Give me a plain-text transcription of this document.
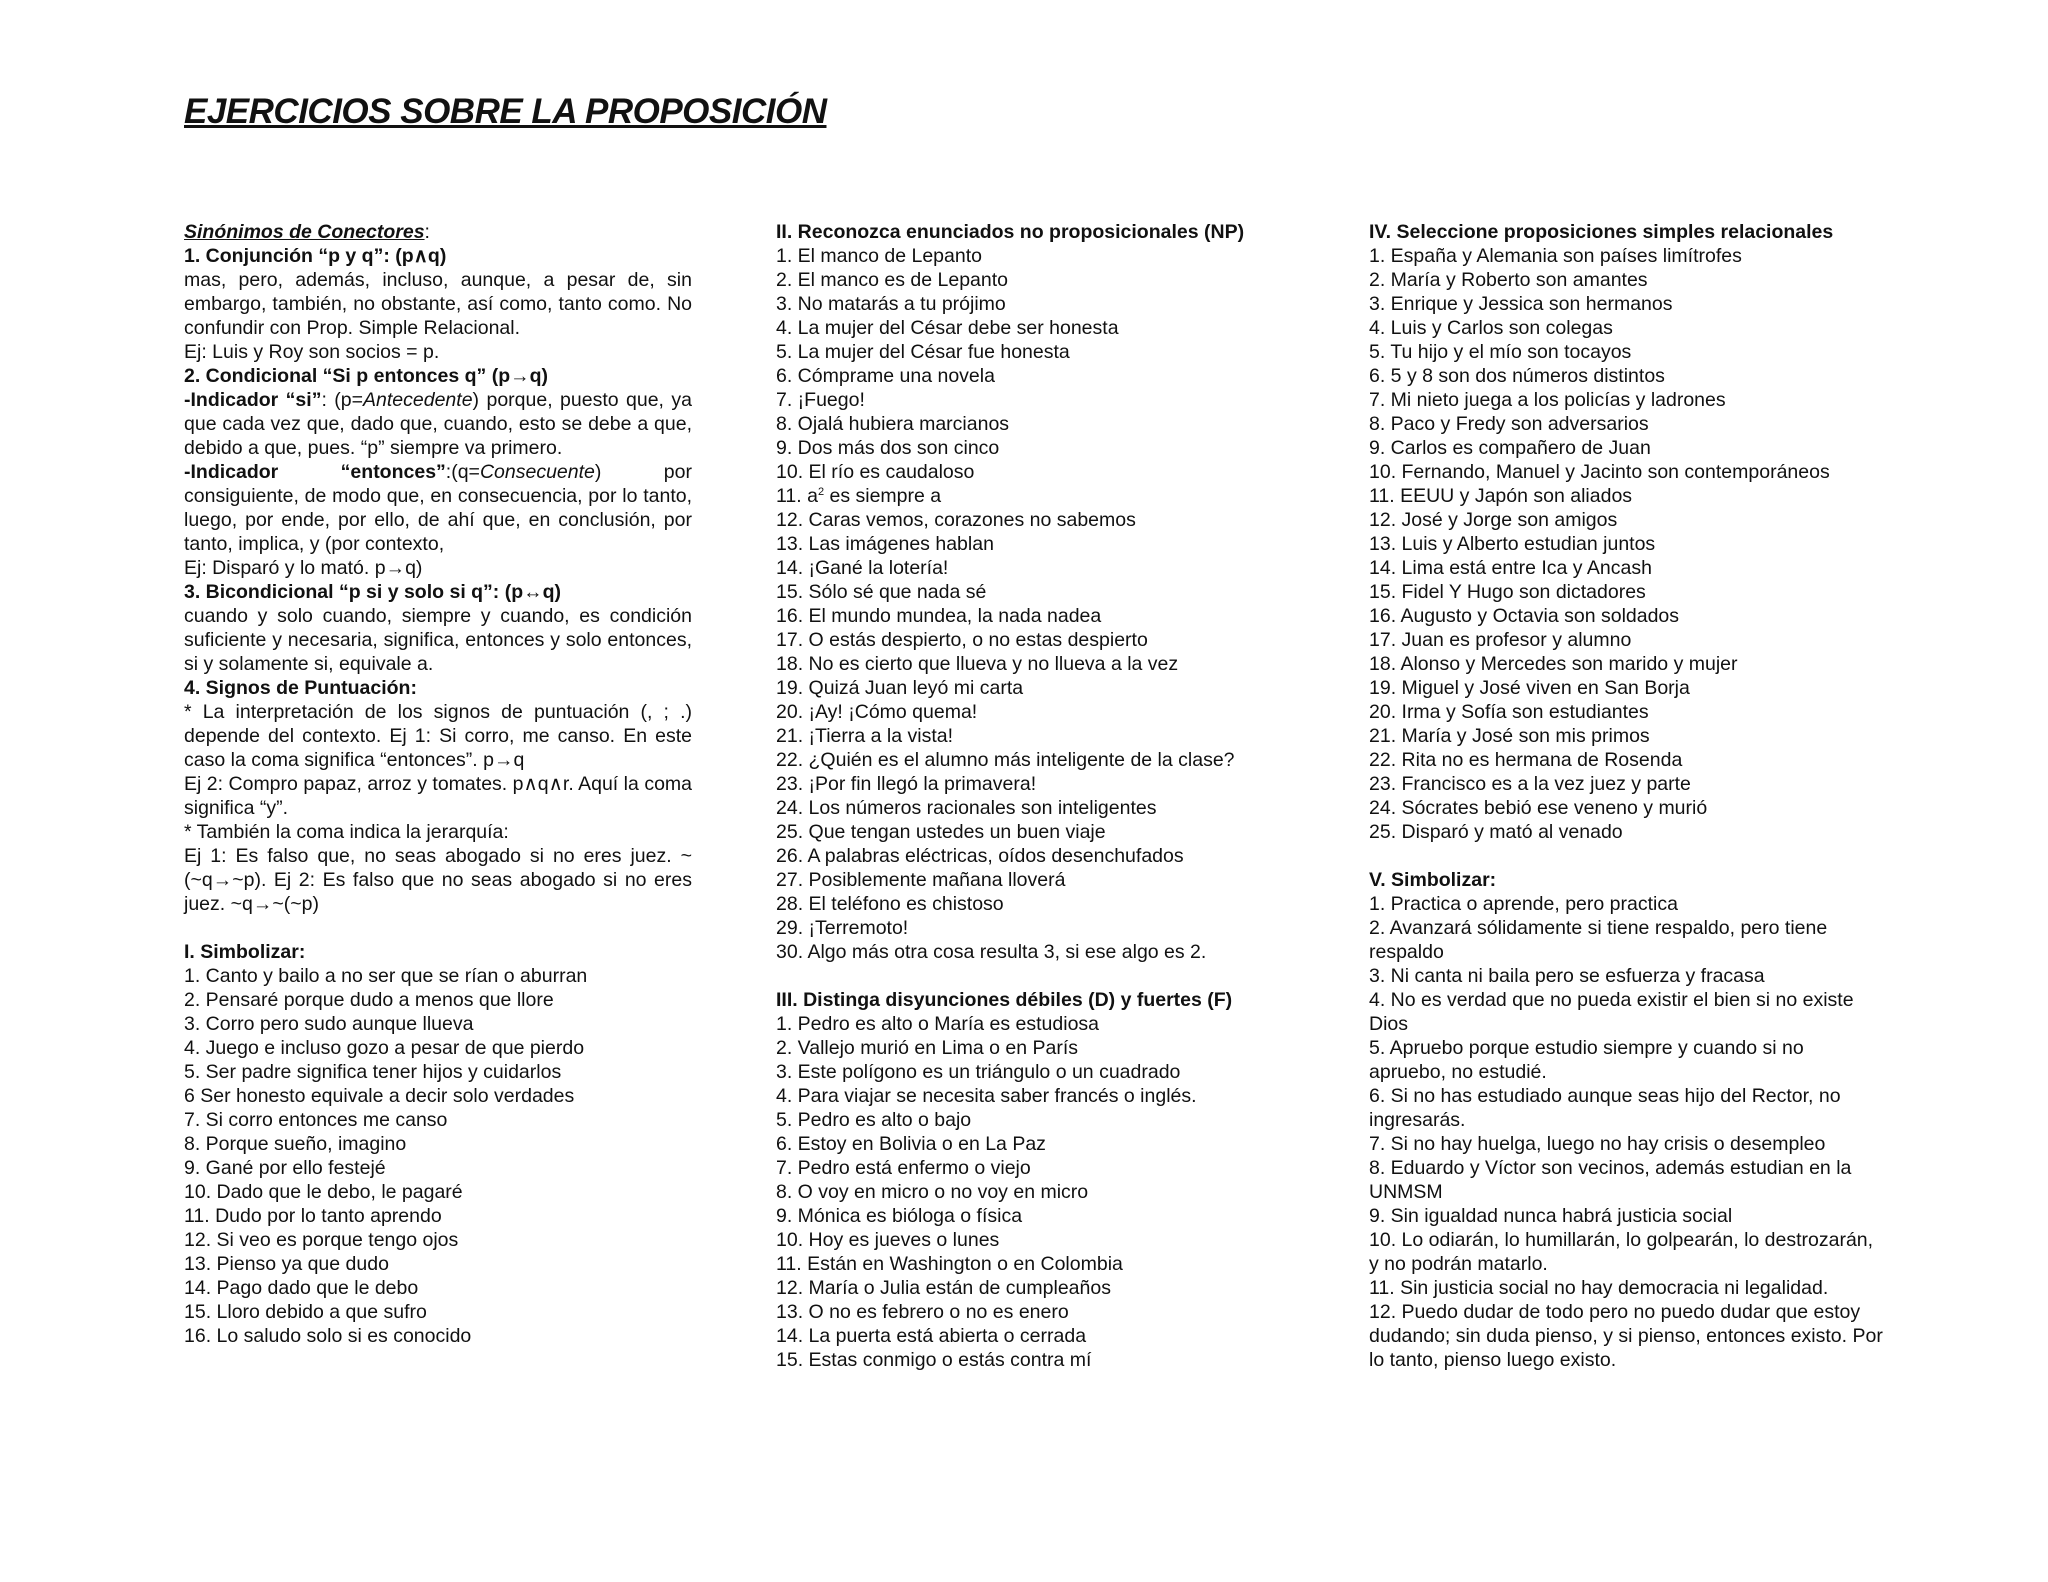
EJERCICIOS SOBRE LA PROPOSICIÓN

Sinónimos de Conectores:

1. Conjunción “p y q”: (p∧q)

mas, pero, además, incluso, aunque, a pesar de, sin embargo, también, no obstante, así como, tanto como. No confundir con Prop. Simple Relacional.

Ej: Luis y Roy son socios = p.

2. Condicional “Si p entonces q” (p→q)

-Indicador “si”: (p=Antecedente) porque, puesto que, ya que cada vez que, dado que, cuando, esto se debe a que, debido a que, pues. “p” siempre va primero.

-Indicador “entonces”:(q=Consecuente) por consiguiente, de modo que, en consecuencia, por lo tanto, luego, por ende, por ello, de ahí que, en conclusión, por tanto, implica, y (por contexto,

Ej: Disparó y lo mató. p→q)

3. Bicondicional “p si y solo si q”: (p↔q)

cuando y solo cuando, siempre y cuando, es condición suficiente y necesaria, significa, entonces y solo entonces, si y solamente si, equivale a.

4. Signos de Puntuación:

* La interpretación de los signos de puntuación (, ; .) depende del contexto. Ej 1: Si corro, me canso. En este caso la coma significa “entonces”. p→q

Ej 2: Compro papaz, arroz y tomates. p∧q∧r. Aquí la coma significa “y”.

* También la coma indica la jerarquía:

Ej 1: Es falso que, no seas abogado si no eres juez. ~(~q→~p). Ej 2: Es falso que no seas abogado si no eres juez. ~q→~(~p)

I. Simbolizar:

1. Canto y bailo a no ser que se rían o aburran
2. Pensaré porque dudo a menos que llore
3. Corro pero sudo aunque llueva
4. Juego e incluso gozo a pesar de que pierdo
5. Ser padre significa tener hijos y cuidarlos
6 Ser honesto equivale a decir solo verdades
7. Si corro entonces me canso
8. Porque sueño, imagino
9. Gané por ello festejé
10. Dado que le debo, le pagaré
11. Dudo por lo tanto aprendo
12. Si veo es porque tengo ojos
13. Pienso ya que dudo
14. Pago dado que le debo
15. Lloro debido a que sufro
16. Lo saludo solo si es conocido

II. Reconozca enunciados no proposicionales (NP)

1. El manco de Lepanto
2. El manco es de Lepanto
3. No matarás a tu prójimo
4. La mujer del César debe ser honesta
5. La mujer del César fue honesta
6. Cómprame una novela
7. ¡Fuego!
8. Ojalá hubiera marcianos
9. Dos más dos son cinco
10. El río es caudaloso
11. $a^2$ es siempre a
12. Caras vemos, corazones no sabemos
13. Las imágenes hablan
14. ¡Gané la lotería!
15. Sólo sé que nada sé
16. El mundo mundea, la nada nadea
17. O estás despierto, o no estas despierto
18. No es cierto que llueva y no llueva a la vez
19. Quizá Juan leyó mi carta
20. ¡Ay! ¡Cómo quema!
21. ¡Tierra a la vista!
22. ¿Quién es el alumno más inteligente de la clase?
23. ¡Por fin llegó la primavera!
24. Los números racionales son inteligentes
25. Que tengan ustedes un buen viaje
26. A palabras eléctricas, oídos desenchufados
27. Posiblemente mañana lloverá
28. El teléfono es chistoso
29. ¡Terremoto!
30. Algo más otra cosa resulta 3, si ese algo es 2.

III. Distinga disyunciones débiles (D) y fuertes (F)

1. Pedro es alto o María es estudiosa
2. Vallejo murió en Lima o en París
3. Este polígono es un triángulo o un cuadrado
4. Para viajar se necesita saber francés o inglés.
5. Pedro es alto o bajo
6. Estoy en Bolivia o en La Paz
7. Pedro está enfermo o viejo
8. O voy en micro o no voy en micro
9. Mónica es bióloga o física
10. Hoy es jueves o lunes
11. Están en Washington o en Colombia
12. María o Julia están de cumpleaños
13. O no es febrero o no es enero
14. La puerta está abierta o cerrada
15. Estas conmigo o estás contra mí

IV. Seleccione proposiciones simples relacionales

1. España y Alemania son países limítrofes
2. María y Roberto son amantes
3. Enrique y Jessica son hermanos
4. Luis y Carlos son colegas
5. Tu hijo y el mío son tocayos
6. 5 y 8 son dos números distintos
7. Mi nieto juega a los policías y ladrones
8. Paco y Fredy son adversarios
9. Carlos es compañero de Juan
10. Fernando, Manuel y Jacinto son contemporáneos
11. EEUU y Japón son aliados
12. José y Jorge son amigos
13. Luis y Alberto estudian juntos
14. Lima está entre Ica y Ancash
15. Fidel Y Hugo son dictadores
16. Augusto y Octavia son soldados
17. Juan es profesor y alumno
18. Alonso y Mercedes son marido y mujer
19. Miguel y José viven en San Borja
20. Irma y Sofía son estudiantes
21. María y José son mis primos
22. Rita no es hermana de Rosenda
23. Francisco es a la vez juez y parte
24. Sócrates bebió ese veneno y murió
25. Disparó y mató al venado

V. Simbolizar:

1. Practica o aprende, pero practica
2. Avanzará sólidamente si tiene respaldo, pero tiene respaldo
3. Ni canta ni baila pero se esfuerza y fracasa
4. No es verdad que no pueda existir el bien si no existe Dios
5. Apruebo porque estudio siempre y cuando si no apruebo, no estudié.
6. Si no has estudiado aunque seas hijo del Rector, no ingresarás.
7. Si no hay huelga, luego no hay crisis o desempleo
8. Eduardo y Víctor son vecinos, además estudian en la UNMSM
9. Sin igualdad nunca habrá justicia social
10. Lo odiarán, lo humillarán, lo golpearán, lo destrozarán, y no podrán matarlo.
11. Sin justicia social no hay democracia ni legalidad.
12. Puedo dudar de todo pero no puedo dudar que estoy dudando; sin duda pienso, y si pienso, entonces existo. Por lo tanto, pienso luego existo.
